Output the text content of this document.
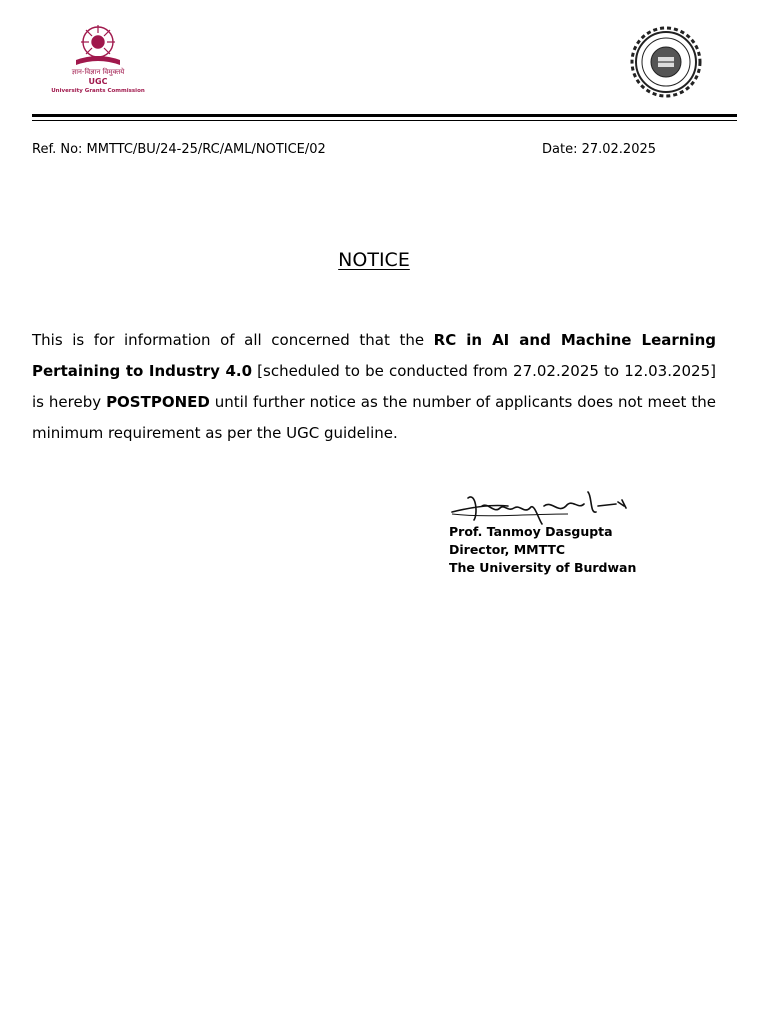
ज्ञान-विज्ञान विमुक्तये
UGC
University Grants Commission
Ref. No: MMTTC/BU/24-25/RC/AML/NOTICE/02	Date: 27.02.2025
NOTICE
This is for information of all concerned that the RC in AI and Machine Learning Pertaining to Industry 4.0 [scheduled to be conducted from 27.02.2025 to 12.03.2025] is hereby POSTPONED until further notice as the number of applicants does not meet the minimum requirement as per the UGC guideline.
Prof. Tanmoy Dasgupta
Director, MMTTC
The University of Burdwan
